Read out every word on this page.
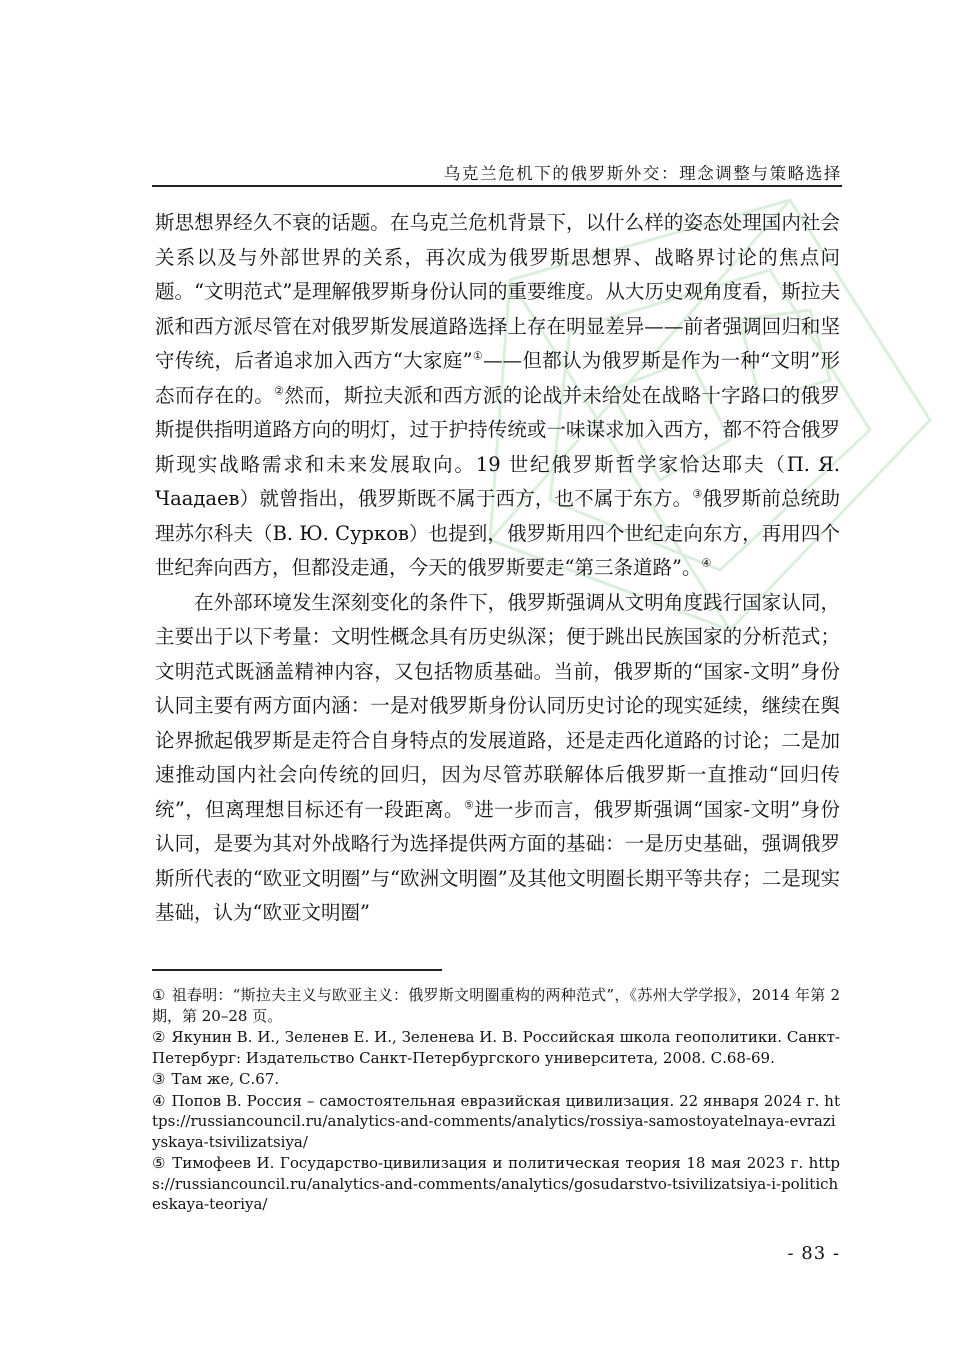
乌克兰危机下的俄罗斯外交：理念调整与策略选择

斯思想界经久不衰的话题。在乌克兰危机背景下，以什么样的姿态处理国内社会关系以及与外部世界的关系，再次成为俄罗斯思想界、战略界讨论的焦点问题。“文明范式”是理解俄罗斯身份认同的重要维度。从大历史观角度看，斯拉夫派和西方派尽管在对俄罗斯发展道路选择上存在明显差异——前者强调回归和坚守传统，后者追求加入西方“大家庭”①——但都认为俄罗斯是作为一种“文明”形态而存在的。②然而，斯拉夫派和西方派的论战并未给处在战略十字路口的俄罗斯提供指明道路方向的明灯，过于护持传统或一味谋求加入西方，都不符合俄罗斯现实战略需求和未来发展取向。19 世纪俄罗斯哲学家恰达耶夫（П. Я. Чаадаев）就曾指出，俄罗斯既不属于西方，也不属于东方。③俄罗斯前总统助理苏尔科夫（В. Ю. Сурков）也提到，俄罗斯用四个世纪走向东方，再用四个世纪奔向西方，但都没走通，今天的俄罗斯要走“第三条道路”。④

在外部环境发生深刻变化的条件下，俄罗斯强调从文明角度践行国家认同，主要出于以下考量：文明性概念具有历史纵深；便于跳出民族国家的分析范式；文明范式既涵盖精神内容，又包括物质基础。当前，俄罗斯的“国家-文明”身份认同主要有两方面内涵：一是对俄罗斯身份认同历史讨论的现实延续，继续在舆论界掀起俄罗斯是走符合自身特点的发展道路，还是走西化道路的讨论；二是加速推动国内社会向传统的回归，因为尽管苏联解体后俄罗斯一直推动“回归传统”，但离理想目标还有一段距离。⑤进一步而言，俄罗斯强调“国家-文明”身份认同，是要为其对外战略行为选择提供两方面的基础：一是历史基础，强调俄罗斯所代表的“欧亚文明圈”与“欧洲文明圈”及其他文明圈长期平等共存；二是现实基础，认为“欧亚文明圈”

① 祖春明：“斯拉夫主义与欧亚主义：俄罗斯文明圈重构的两种范式”，《苏州大学学报》，2014 年第 2 期，第 20–28 页。
② Якунин В. И., Зеленев Е. И., Зеленева И. В. Российская школа геополитики. Санкт-Петербург: Издательство Санкт-Петербургского университета, 2008. С.68-69.
③ Там же, С.67.
④ Попов В. Россия – самостоятельная евразийская цивилизация. 22 января 2024 г. https://russiancouncil.ru/analytics-and-comments/analytics/rossiya-samostoyatelnaya-evraziyskaya-tsivilizatsiya/
⑤ Тимофеев И. Государство-цивилизация и политическая теория 18 мая 2023 г. https://russiancouncil.ru/analytics-and-comments/analytics/gosudarstvo-tsivilizatsiya-i-politicheskaya-teoriya/
- 83 -
